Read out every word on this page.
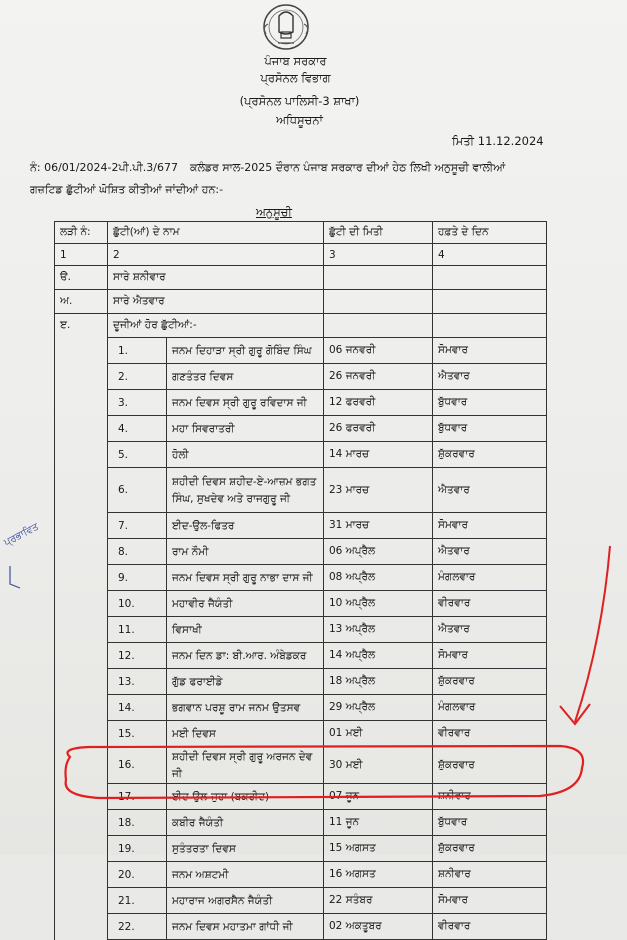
ਪੰਜਾਬ ਸਰਕਾਰ
ਪ੍ਰਸੋਨਲ ਵਿਭਾਗ
(ਪ੍ਰਸੋਨਲ ਪਾਲਿਸੀ-3 ਸ਼ਾਖਾ)
ਅਧਿਸੂਚਨਾਂ
ਮਿਤੀ 11.12.2024
ਨੰ: 06/01/2024-2ਪੀ.ਪੀ.3/677 ਕਲੰਡਰ ਸਾਲ-2025 ਦੌਰਾਨ ਪੰਜਾਬ ਸਰਕਾਰ ਦੀਆਂ ਹੇਠ ਲਿਖੀ ਅਨੁਸੂਚੀ ਵਾਲੀਆਂ
ਗਜ਼ਟਿਡ ਛੁੱਟੀਆਂ ਘੋਸ਼ਿਤ ਕੀਤੀਆਂ ਜਾਂਦੀਆਂ ਹਨ:-
ਅਨੁਸੂਚੀ
ਲੜੀ ਨੰ:	ਛੁੱਟੀ(ਆਂ) ਦੇ ਨਾਮ		ਛੁੱਟੀ ਦੀ ਮਿਤੀ	ਹਫ਼ਤੇ ਦੇ ਦਿਨ
1	2		3	4
ੳ.	ਸਾਰੇ ਸ਼ਨੀਵਾਰ			
ਅ.	ਸਾਰੇ ਐਤਵਾਰ			
ੲ.	ਦੂਜੀਆਂ ਹੋਰ ਛੁੱਟੀਆਂ:-			
	1.	ਜਨਮ ਦਿਹਾੜਾ ਸ੍ਰੀ ਗੁਰੂ ਗੋਬਿੰਦ ਸਿੰਘ	06 ਜਨਵਰੀ	ਸੋਮਵਾਰ
	2.	ਗਣਤੰਤਰ ਦਿਵਸ	26 ਜਨਵਰੀ	ਐਤਵਾਰ
	3.	ਜਨਮ ਦਿਵਸ ਸ੍ਰੀ ਗੁਰੂ ਰਵਿਦਾਸ ਜੀ	12 ਫਰਵਰੀ	ਬੁੱਧਵਾਰ
	4.	ਮਹਾ ਸਿਵਰਾਤਰੀ	26 ਫਰਵਰੀ	ਬੁੱਧਵਾਰ
	5.	ਹੋਲੀ	14 ਮਾਰਚ	ਸ਼ੁੱਕਰਵਾਰ
	6.	ਸ਼ਹੀਦੀ ਦਿਵਸ ਸ਼ਹੀਦ-ਏ-ਆਜ਼ਮ ਭਗਤ ਸਿੰਘ, ਸੁਖਦੇਵ ਅਤੇ ਰਾਜਗੁਰੂ ਜੀ	23 ਮਾਰਚ	ਐਤਵਾਰ
	7.	ਈਦ-ਉਲ-ਫਿਤਰ	31 ਮਾਰਚ	ਸੋਮਵਾਰ
	8.	ਰਾਮ ਨੌਮੀ	06 ਅਪ੍ਰੈਲ	ਐਤਵਾਰ
	9.	ਜਨਮ ਦਿਵਸ ਸ੍ਰੀ ਗੁਰੂ ਨਾਭਾ ਦਾਸ ਜੀ	08 ਅਪ੍ਰੈਲ	ਮੰਗਲਵਾਰ
	10.	ਮਹਾਵੀਰ ਜੈਯੰਤੀ	10 ਅਪ੍ਰੈਲ	ਵੀਰਵਾਰ
	11.	ਵਿਸਾਖੀ	13 ਅਪ੍ਰੈਲ	ਐਤਵਾਰ
	12.	ਜਨਮ ਦਿਨ ਡਾ: ਬੀ.ਆਰ. ਅੰਬੇਡਕਰ	14 ਅਪ੍ਰੈਲ	ਸੋਮਵਾਰ
	13.	ਗੁੱਡ ਫਰਾਈਡੇ	18 ਅਪ੍ਰੈਲ	ਸ਼ੁੱਕਰਵਾਰ
	14.	ਭਗਵਾਨ ਪਰਸ਼ੂ ਰਾਮ ਜਨਮ ਉਤਸਵ	29 ਅਪ੍ਰੈਲ	ਮੰਗਲਵਾਰ
	15.	ਮਈ ਦਿਵਸ	01 ਮਈ	ਵੀਰਵਾਰ
	16.	ਸ਼ਹੀਦੀ ਦਿਵਸ ਸ੍ਰੀ ਗੁਰੂ ਅਰਜਨ ਦੇਵ ਜੀ	30 ਮਈ	ਸ਼ੁੱਕਰਵਾਰ
	17.	ਈਦ-ਉਲ-ਜੁਹਾ (ਬਕਰੀਦ)	07 ਜੂਨ	ਸ਼ਨੀਵਾਰ
	18.	ਕਬੀਰ ਜੈਯੰਤੀ	11 ਜੂਨ	ਬੁੱਧਵਾਰ
	19.	ਸੁਤੰਤਰਤਾ ਦਿਵਸ	15 ਅਗਸਤ	ਸ਼ੁੱਕਰਵਾਰ
	20.	ਜਨਮ ਅਸ਼ਟਮੀ	16 ਅਗਸਤ	ਸ਼ਨੀਵਾਰ
	21.	ਮਹਾਰਾਜ ਅਗਰਸੈਨ ਜੈਯੰਤੀ	22 ਸਤੰਬਰ	ਸੋਮਵਾਰ
	22.	ਜਨਮ ਦਿਵਸ ਮਹਾਤਮਾ ਗਾਂਧੀ ਜੀ	02 ਅਕਤੂਬਰ	ਵੀਰਵਾਰ
ਪ੍ਰਭਾਵਿਤ
